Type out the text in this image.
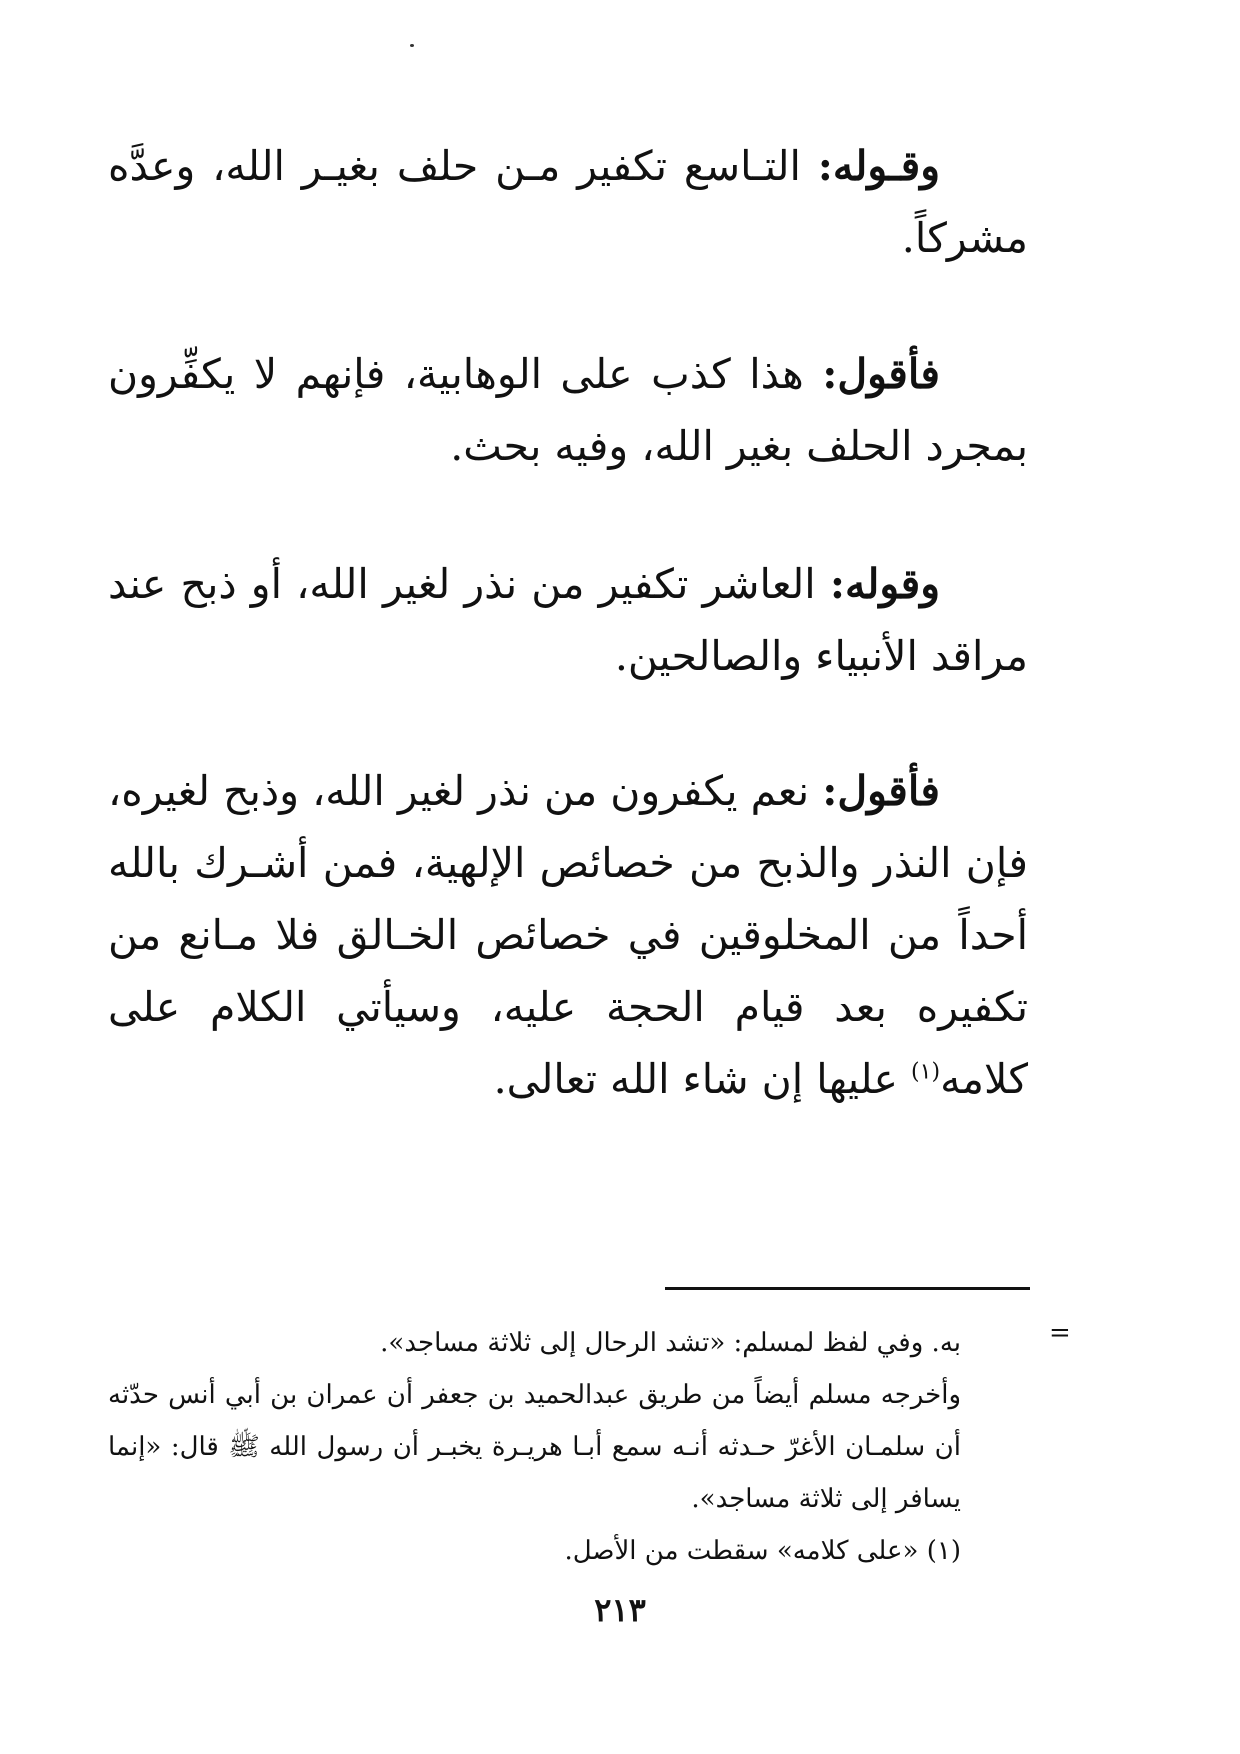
وقـوله: التـاسع تكفير مـن حلف بغيـر الله، وعدَّه مشركاً.

فأقول: هذا كذب على الوهابية، فإنهم لا يكفِّرون بمجرد الحلف بغير الله، وفيه بحث.

وقوله: العاشر تكفير من نذر لغير الله، أو ذبح عند مراقد الأنبياء والصالحين.

فأقول: نعم يكفرون من نذر لغير الله، وذبح لغيره، فإن النذر والذبح من خصائص الإلهية، فمن أشـرك بالله أحداً من المخلوقين في خصائص الخـالق فلا مـانع من تكفيره بعد قيام الحجة عليه، وسيأتي الكلام على كلامه$^{(١)}$ عليها إن شاء الله تعالى.

=
به. وفي لفظ لمسلم: «تشد الرحال إلى ثلاثة مساجد».
وأخرجه مسلم أيضاً من طريق عبدالحميد بن جعفر أن عمران بن أبي أنس حدّثه أن سلمـان الأغرّ حـدثه أنـه سمع أبـا هريـرة يخبـر أن رسول الله ﷺ قال: «إنما يسافر إلى ثلاثة مساجد».
(١) «على كلامه» سقطت من الأصل.
٢١٣
